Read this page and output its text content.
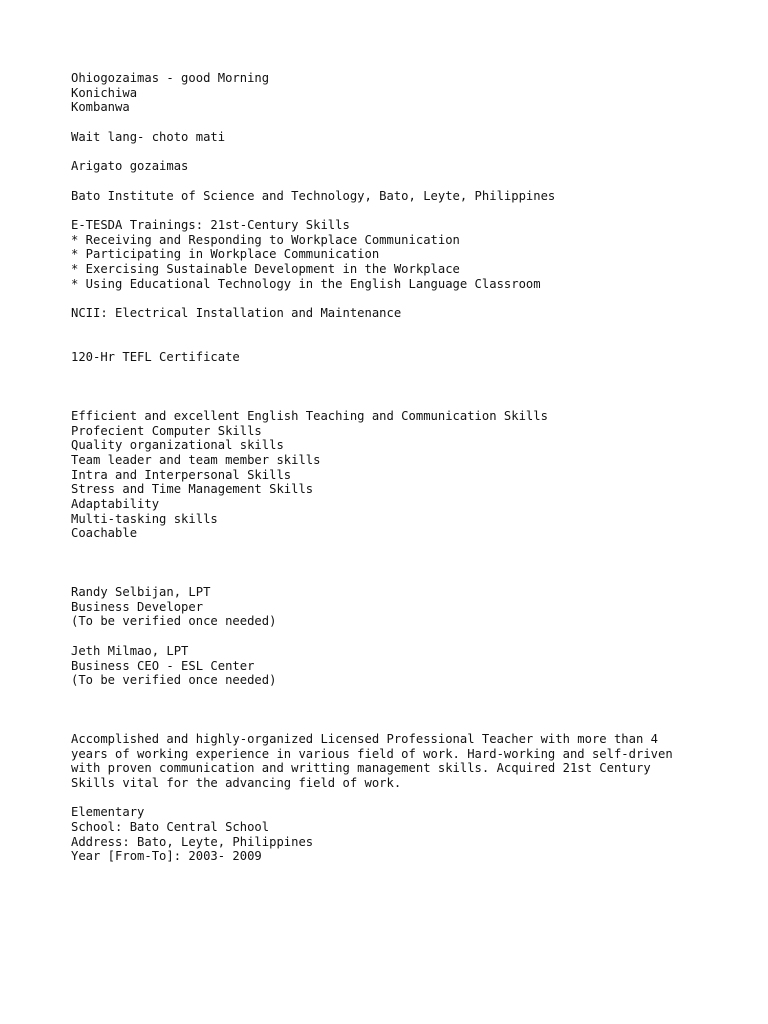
Ohiogozaimas - good Morning
Konichiwa
Kombanwa
Wait lang- choto mati
Arigato gozaimas
Bato Institute of Science and Technology, Bato, Leyte, Philippines
E-TESDA Trainings: 21st-Century Skills
* Receiving and Responding to Workplace Communication
* Participating in Workplace Communication
* Exercising Sustainable Development in the Workplace
* Using Educational Technology in the English Language Classroom
NCII: Electrical Installation and Maintenance
120-Hr TEFL Certificate
Efficient and excellent English Teaching and Communication Skills
Profecient Computer Skills
Quality organizational skills
Team leader and team member skills
Intra and Interpersonal Skills
Stress and Time Management Skills
Adaptability
Multi-tasking skills
Coachable
Randy Selbijan, LPT
Business Developer
(To be verified once needed)
Jeth Milmao, LPT
Business CEO - ESL Center
(To be verified once needed)
Accomplished and highly-organized Licensed Professional Teacher with more than 4
years of working experience in various field of work. Hard-working and self-driven
with proven communication and writting management skills. Acquired 21st Century
Skills vital for the advancing field of work.
Elementary
School: Bato Central School
Address: Bato, Leyte, Philippines
Year [From-To]: 2003- 2009
